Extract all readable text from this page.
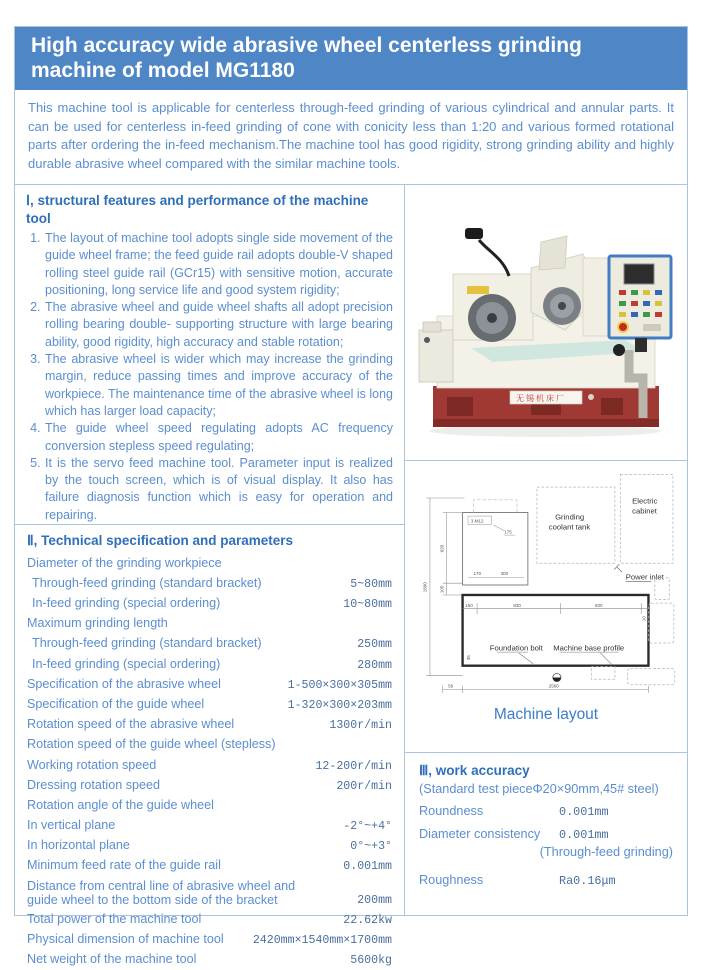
High accuracy wide abrasive wheel centerless grinding machine of model MG1180
This machine tool is applicable for centerless through-feed grinding of various cylindrical and annular parts. It can be used for centerless in-feed grinding of cone with conicity less than 1:20 and various formed rotational parts after ordering the in-feed mechanism.The machine tool has good rigidity, strong grinding ability and highly durable abrasive wheel compared with the similar machine tools.
Ⅰ, structural features and performance of the machine tool
1. The layout of machine tool adopts single side movement of the guide wheel frame; the feed guide rail adopts double-V shaped rolling steel guide rail (GCr15) with sensitive motion, accurate positioning, long service life and good system rigidity;
2. The abrasive wheel and guide wheel shafts all adopt precision rolling bearing double- supporting structure with large bearing ability, good rigidity, high accuracy and stable rotation;
3. The abrasive wheel is wider which may increase the grinding margin, reduce passing times and improve accuracy of the workpiece. The maintenance time of the abrasive wheel is long which has larger load capacity;
4. The guide wheel speed regulating adopts AC frequency conversion stepless speed regulating;
5. It is the servo feed machine tool. Parameter input is realized by the touch screen, which is of visual display. It also has failure diagnosis function which is easy for operation and repairing.
Ⅱ, Technical specification and parameters
Diameter of the grinding workpiece
Through-feed grinding (standard bracket)	5~80mm
In-feed grinding (special ordering)	10~80mm
Maximum grinding length
Through-feed grinding (standard bracket)	250mm
In-feed grinding (special ordering)	280mm
Specification of the abrasive wheel	1-500×300×305mm
Specification of the guide wheel	1-320×300×203mm
Rotation speed of the abrasive wheel	1300r/min
Rotation speed of the guide wheel (stepless)
Working rotation speed	12-200r/min
Dressing rotation speed	200r/min
Rotation angle of the guide wheel
In vertical plane	-2°~+4°
In horizontal plane	0°~+3°
Minimum feed rate of the guide rail	0.001mm
Distance from central line of abrasive wheel and guide wheel to the bottom side of the bracket	200mm
Total power of the machine tool	22.62kw
Physical dimension of machine tool	2420mm×1540mm×1700mm
Net weight of the machine tool	5600kg
无锡机床厂
Electric
cabinet
Grinding
coolant tank
Power inlet
3-M12
175
170	300
1890
620
105
150	830	830
10
Foundation bolt Machine base profile
35
56	2560
Machine layout
Ⅲ, work accuracy
(Standard test pieceΦ20×90mm,45# steel)
Roundness	0.001mm
Diameter consistency	0.001mm
(Through-feed grinding)
Roughness	Ra0.16μm
